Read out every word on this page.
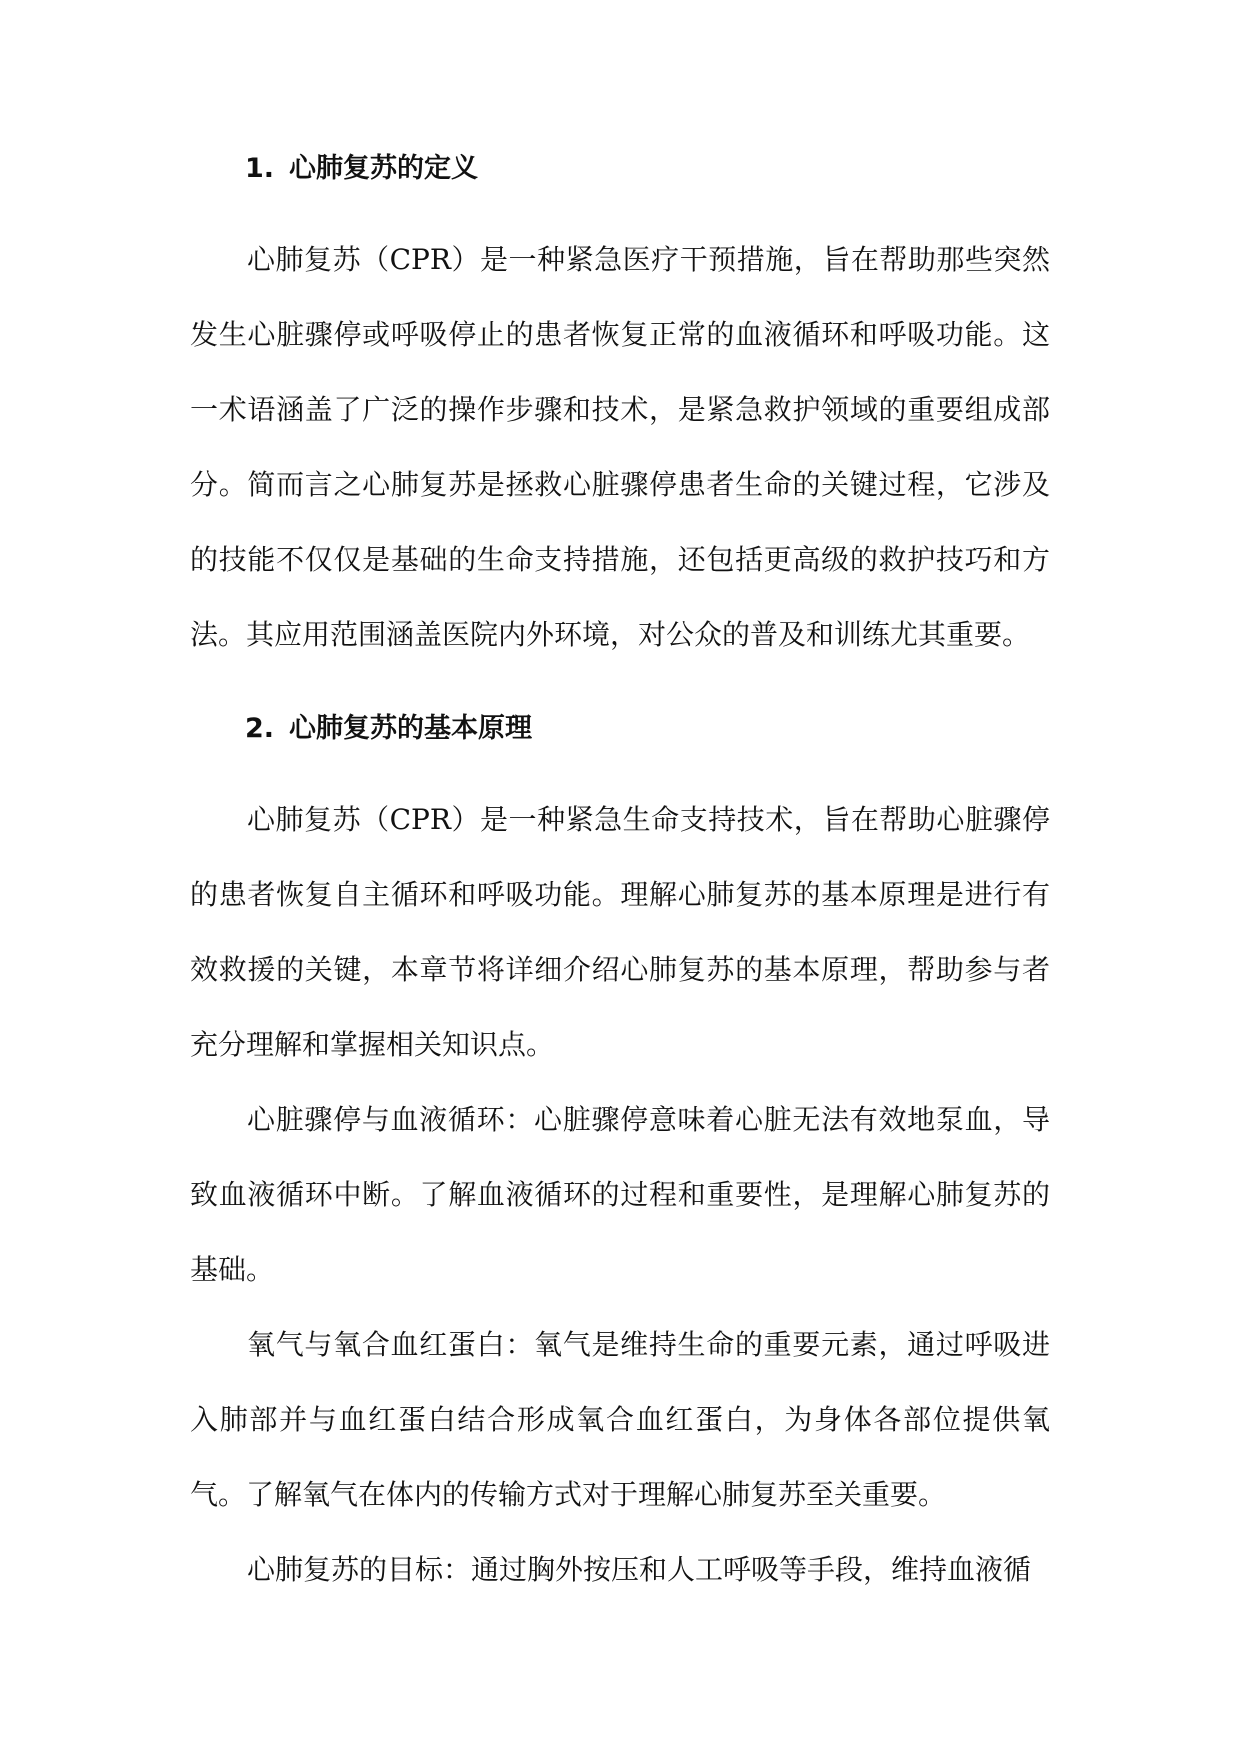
1. 心肺复苏的定义

心肺复苏（CPR）是一种紧急医疗干预措施，旨在帮助那些突然发生心脏骤停或呼吸停止的患者恢复正常的血液循环和呼吸功能。这一术语涵盖了广泛的操作步骤和技术，是紧急救护领域的重要组成部分。简而言之心肺复苏是拯救心脏骤停患者生命的关键过程，它涉及的技能不仅仅是基础的生命支持措施，还包括更高级的救护技巧和方法。其应用范围涵盖医院内外环境，对公众的普及和训练尤其重要。

2. 心肺复苏的基本原理

心肺复苏（CPR）是一种紧急生命支持技术，旨在帮助心脏骤停的患者恢复自主循环和呼吸功能。理解心肺复苏的基本原理是进行有效救援的关键，本章节将详细介绍心肺复苏的基本原理，帮助参与者充分理解和掌握相关知识点。

心脏骤停与血液循环：心脏骤停意味着心脏无法有效地泵血，导致血液循环中断。了解血液循环的过程和重要性，是理解心肺复苏的基础。

氧气与氧合血红蛋白：氧气是维持生命的重要元素，通过呼吸进入肺部并与血红蛋白结合形成氧合血红蛋白，为身体各部位提供氧气。了解氧气在体内的传输方式对于理解心肺复苏至关重要。

心肺复苏的目标：通过胸外按压和人工呼吸等手段，维持血液循
